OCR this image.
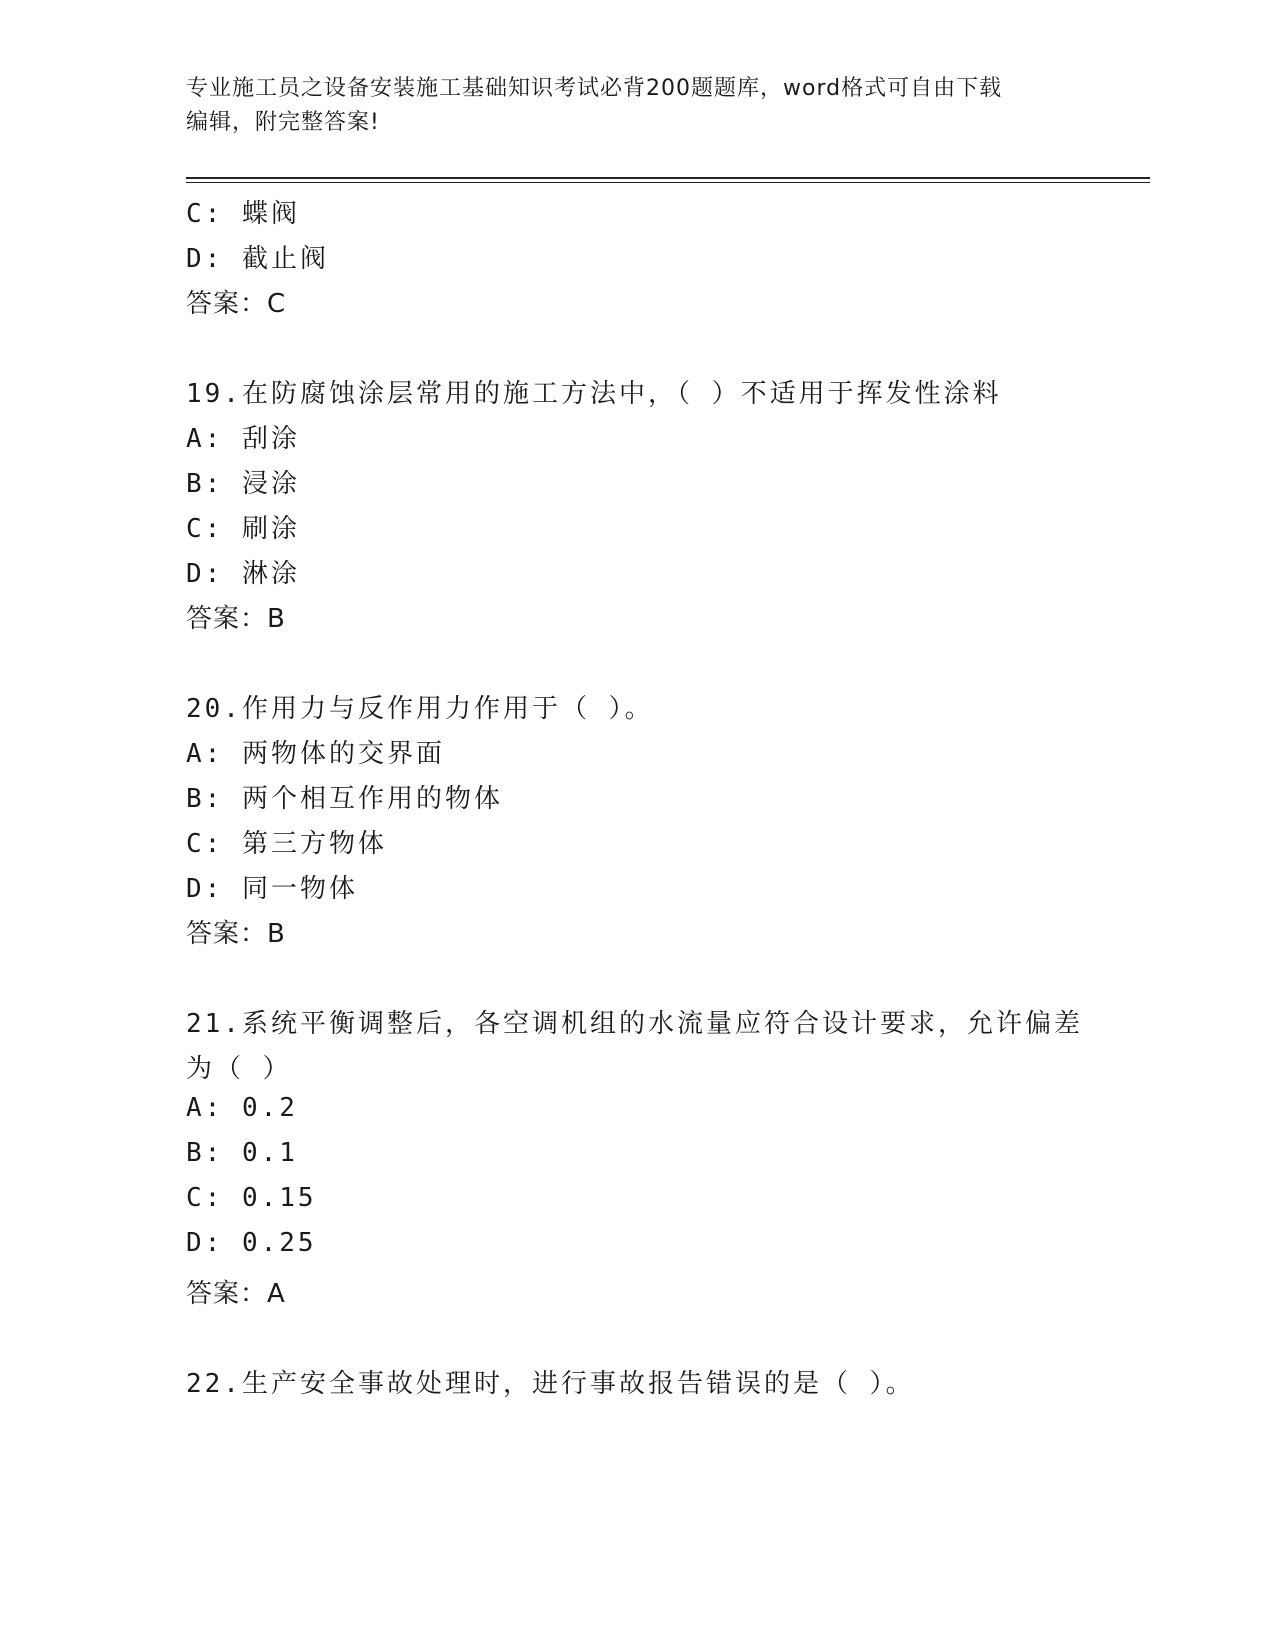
专业施工员之设备安装施工基础知识考试必背200题题库，word格式可自由下载
编辑，附完整答案!
C: 蝶阀
D: 截止阀
答案：C
19.在防腐蚀涂层常用的施工方法中，（ ）不适用于挥发性涂料
A: 刮涂
B: 浸涂
C: 刷涂
D: 淋涂
答案：B
20.作用力与反作用力作用于（ ）。
A: 两物体的交界面
B: 两个相互作用的物体
C: 第三方物体
D: 同一物体
答案：B
21.系统平衡调整后，各空调机组的水流量应符合设计要求，允许偏差
为（ ）
A: 0.2
B: 0.1
C: 0.15
D: 0.25
答案：A
22.生产安全事故处理时，进行事故报告错误的是（ ）。
